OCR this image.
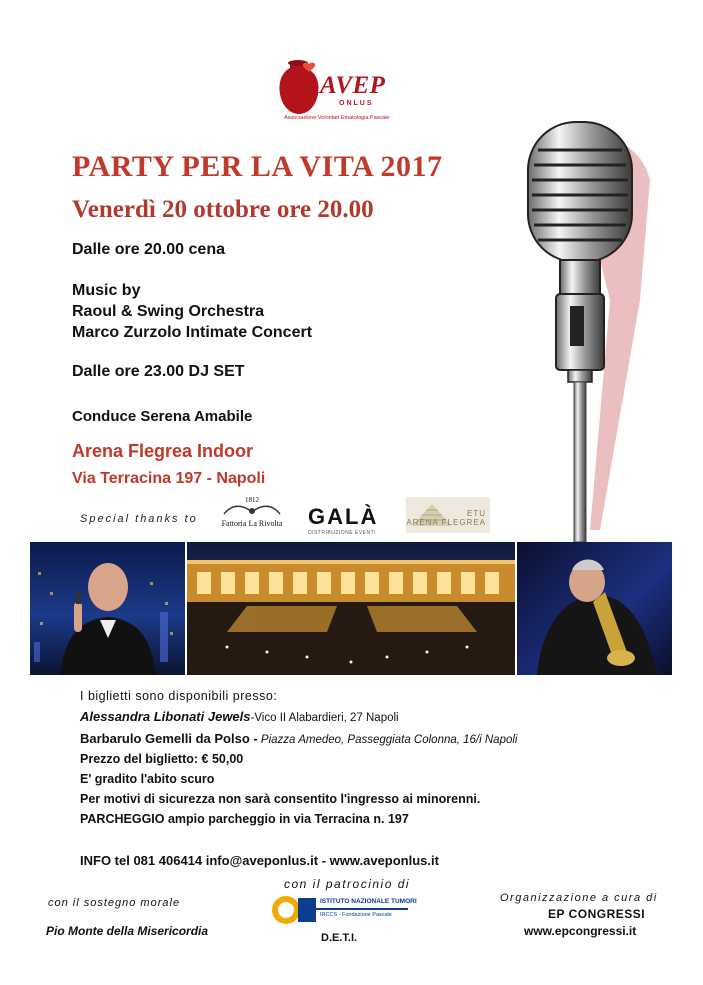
AVEP
ONLUS
Associazione Volontari Ematologia Pascale
PARTY PER LA VITA 2017
Venerdì 20 ottobre ore 20.00
Dalle ore 20.00 cena
Music by
Raoul & Swing Orchestra
Marco Zurzolo Intimate Concert
Dalle ore 23.00 DJ SET
Conduce Serena Amabile
Arena Flegrea Indoor
Via Terracina 197 - Napoli
Special thanks to
1812
Fattoria La Rivolta	GALÀ
DISTRIBUZIONE EVENTI
ETU
ARENA FLEGREA
I biglietti sono disponibili presso:
Alessandra Libonati Jewels-Vico II Alabardieri, 27 Napoli
Barbarulo Gemelli da Polso - Piazza Amedeo, Passeggiata Colonna, 16/i Napoli
Prezzo del biglietto: € 50,00
E' gradito l'abito scuro
Per motivi di sicurezza non sarà consentito l'ingresso ai minorenni.
PARCHEGGIO ampio parcheggio in via Terracina n. 197
INFO tel 081 406414 info@aveponlus.it - www.aveponlus.it
con il sostegno morale
Pio Monte della Misericordia
con il patrocinio di
ISTITUTO NAZIONALE TUMORI
IRCCS - Fondazione Pascale
D.E.T.I.
Organizzazione a cura di
EP CONGRESSI
www.epcongressi.it
